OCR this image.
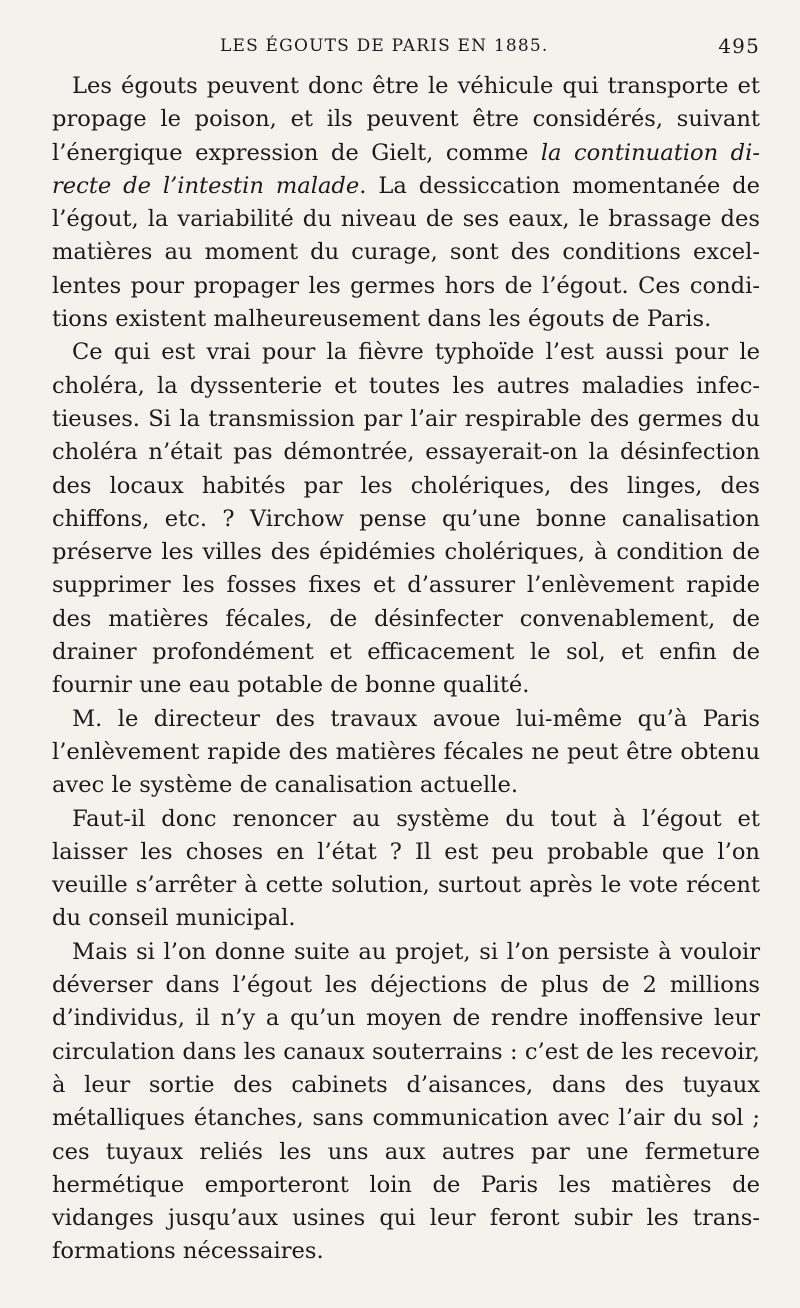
LES ÉGOUTS DE PARIS EN 1885.	495

Les égouts peuvent donc être le véhicule qui transporte et propage le poison, et ils peuvent être considérés, suivant l’énergique expression de Gielt, comme la continuation directe de l’intestin malade. La dessiccation momentanée de l’égout, la variabilité du niveau de ses eaux, le brassage des matières au moment du curage, sont des conditions excellentes pour propager les germes hors de l’égout. Ces conditions existent malheureusement dans les égouts de Paris.

Ce qui est vrai pour la fièvre typhoïde l’est aussi pour le choléra, la dyssenterie et toutes les autres maladies infectieuses. Si la transmission par l’air respirable des germes du choléra n’était pas démontrée, essayerait-on la désinfection des locaux habités par les cholériques, des linges, des chiffons, etc. ? Virchow pense qu’une bonne canalisation préserve les villes des épidémies cholériques, à condition de supprimer les fosses fixes et d’assurer l’enlèvement rapide des matières fécales, de désinfecter convenablement, de drainer profondément et efficacement le sol, et enfin de fournir une eau potable de bonne qualité.

M. le directeur des travaux avoue lui-même qu’à Paris l’enlèvement rapide des matières fécales ne peut être obtenu avec le système de canalisation actuelle.

Faut-il donc renoncer au système du tout à l’égout et laisser les choses en l’état ? Il est peu probable que l’on veuille s’arrêter à cette solution, surtout après le vote récent du conseil municipal.

Mais si l’on donne suite au projet, si l’on persiste à vouloir déverser dans l’égout les déjections de plus de 2 millions d’individus, il n’y a qu’un moyen de rendre inoffensive leur circulation dans les canaux souterrains : c’est de les recevoir, à leur sortie des cabinets d’aisances, dans des tuyaux métalliques étanches, sans communication avec l’air du sol ; ces tuyaux reliés les uns aux autres par une fermeture hermétique emporteront loin de Paris les matières de vidanges jusqu’aux usines qui leur feront subir les transformations nécessaires.
